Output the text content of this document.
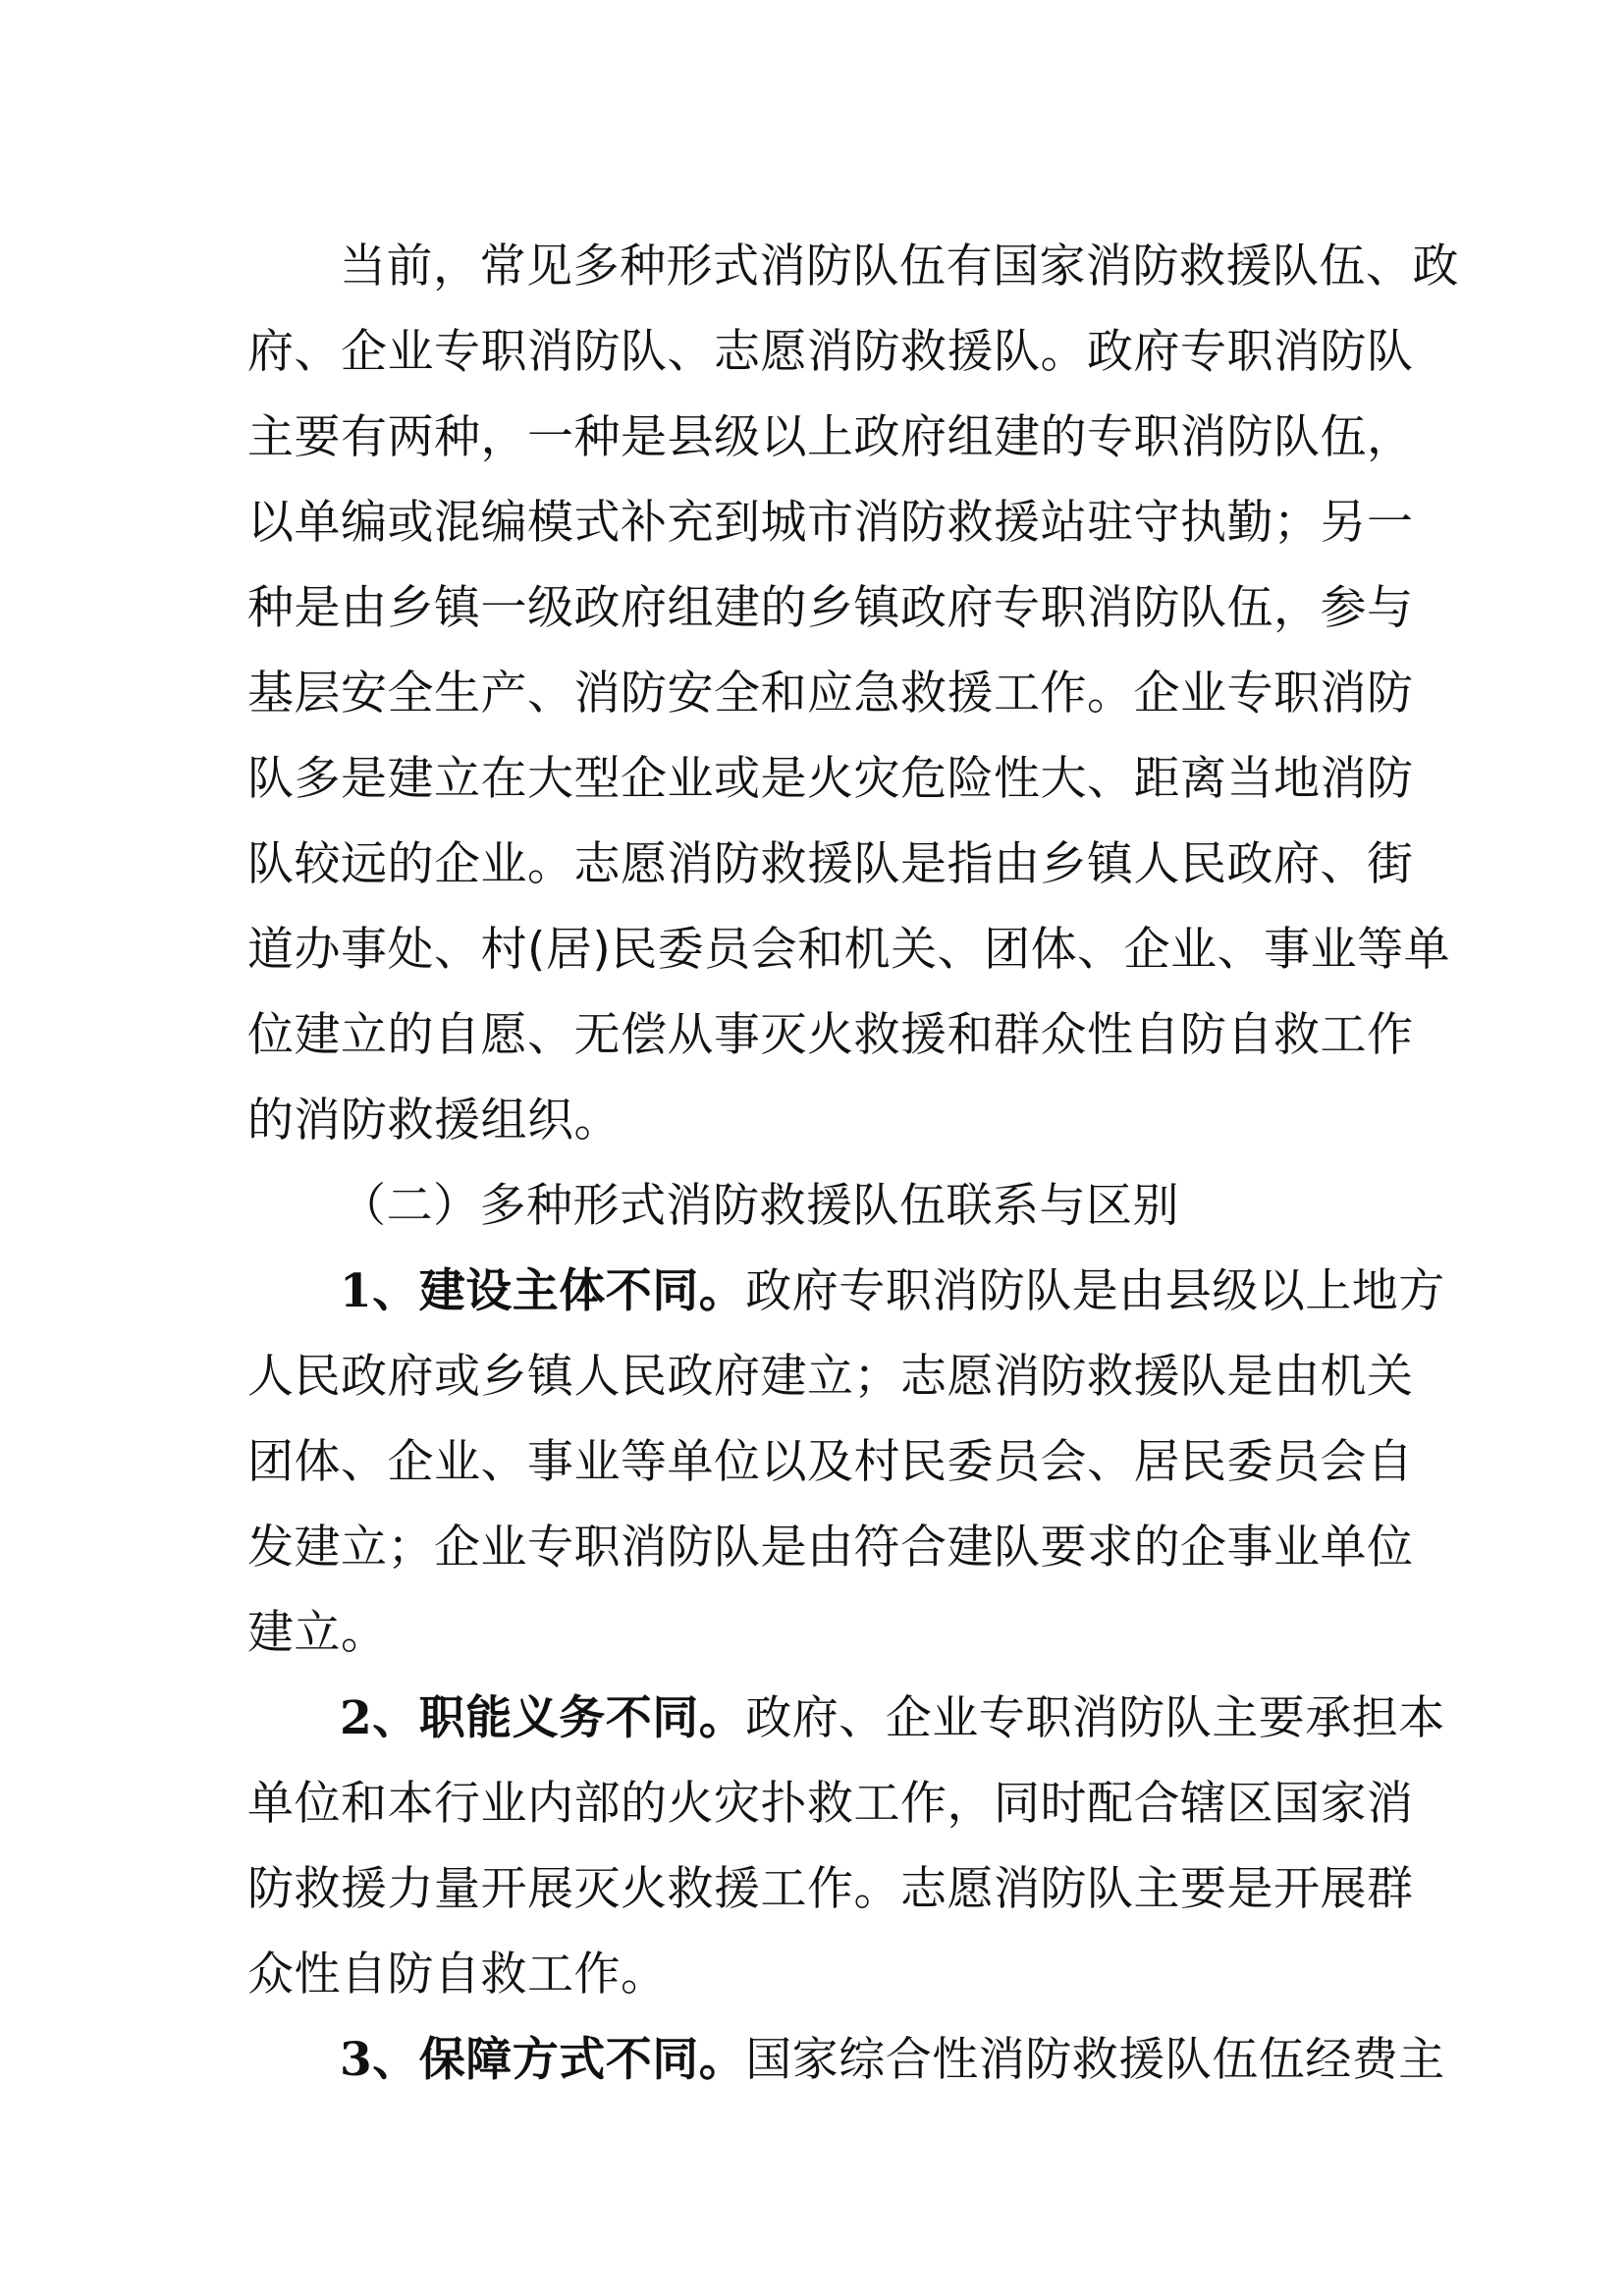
当前，常见多种形式消防队伍有国家消防救援队伍、政
府、企业专职消防队、志愿消防救援队。政府专职消防队
主要有两种，一种是县级以上政府组建的专职消防队伍，
以单编或混编模式补充到城市消防救援站驻守执勤；另一
种是由乡镇一级政府组建的乡镇政府专职消防队伍，参与
基层安全生产、消防安全和应急救援工作。企业专职消防
队多是建立在大型企业或是火灾危险性大、距离当地消防
队较远的企业。志愿消防救援队是指由乡镇人民政府、街
道办事处、村(居)民委员会和机关、团体、企业、事业等单
位建立的自愿、无偿从事灭火救援和群众性自防自救工作
的消防救援组织。
（二）多种形式消防救援队伍联系与区别
1、建设主体不同。政府专职消防队是由县级以上地方
人民政府或乡镇人民政府建立；志愿消防救援队是由机关
团体、企业、事业等单位以及村民委员会、居民委员会自
发建立；企业专职消防队是由符合建队要求的企事业单位
建立。
2、职能义务不同。政府、企业专职消防队主要承担本
单位和本行业内部的火灾扑救工作，同时配合辖区国家消
防救援力量开展灭火救援工作。志愿消防队主要是开展群
众性自防自救工作。
3、保障方式不同。国家综合性消防救援队伍伍经费主
